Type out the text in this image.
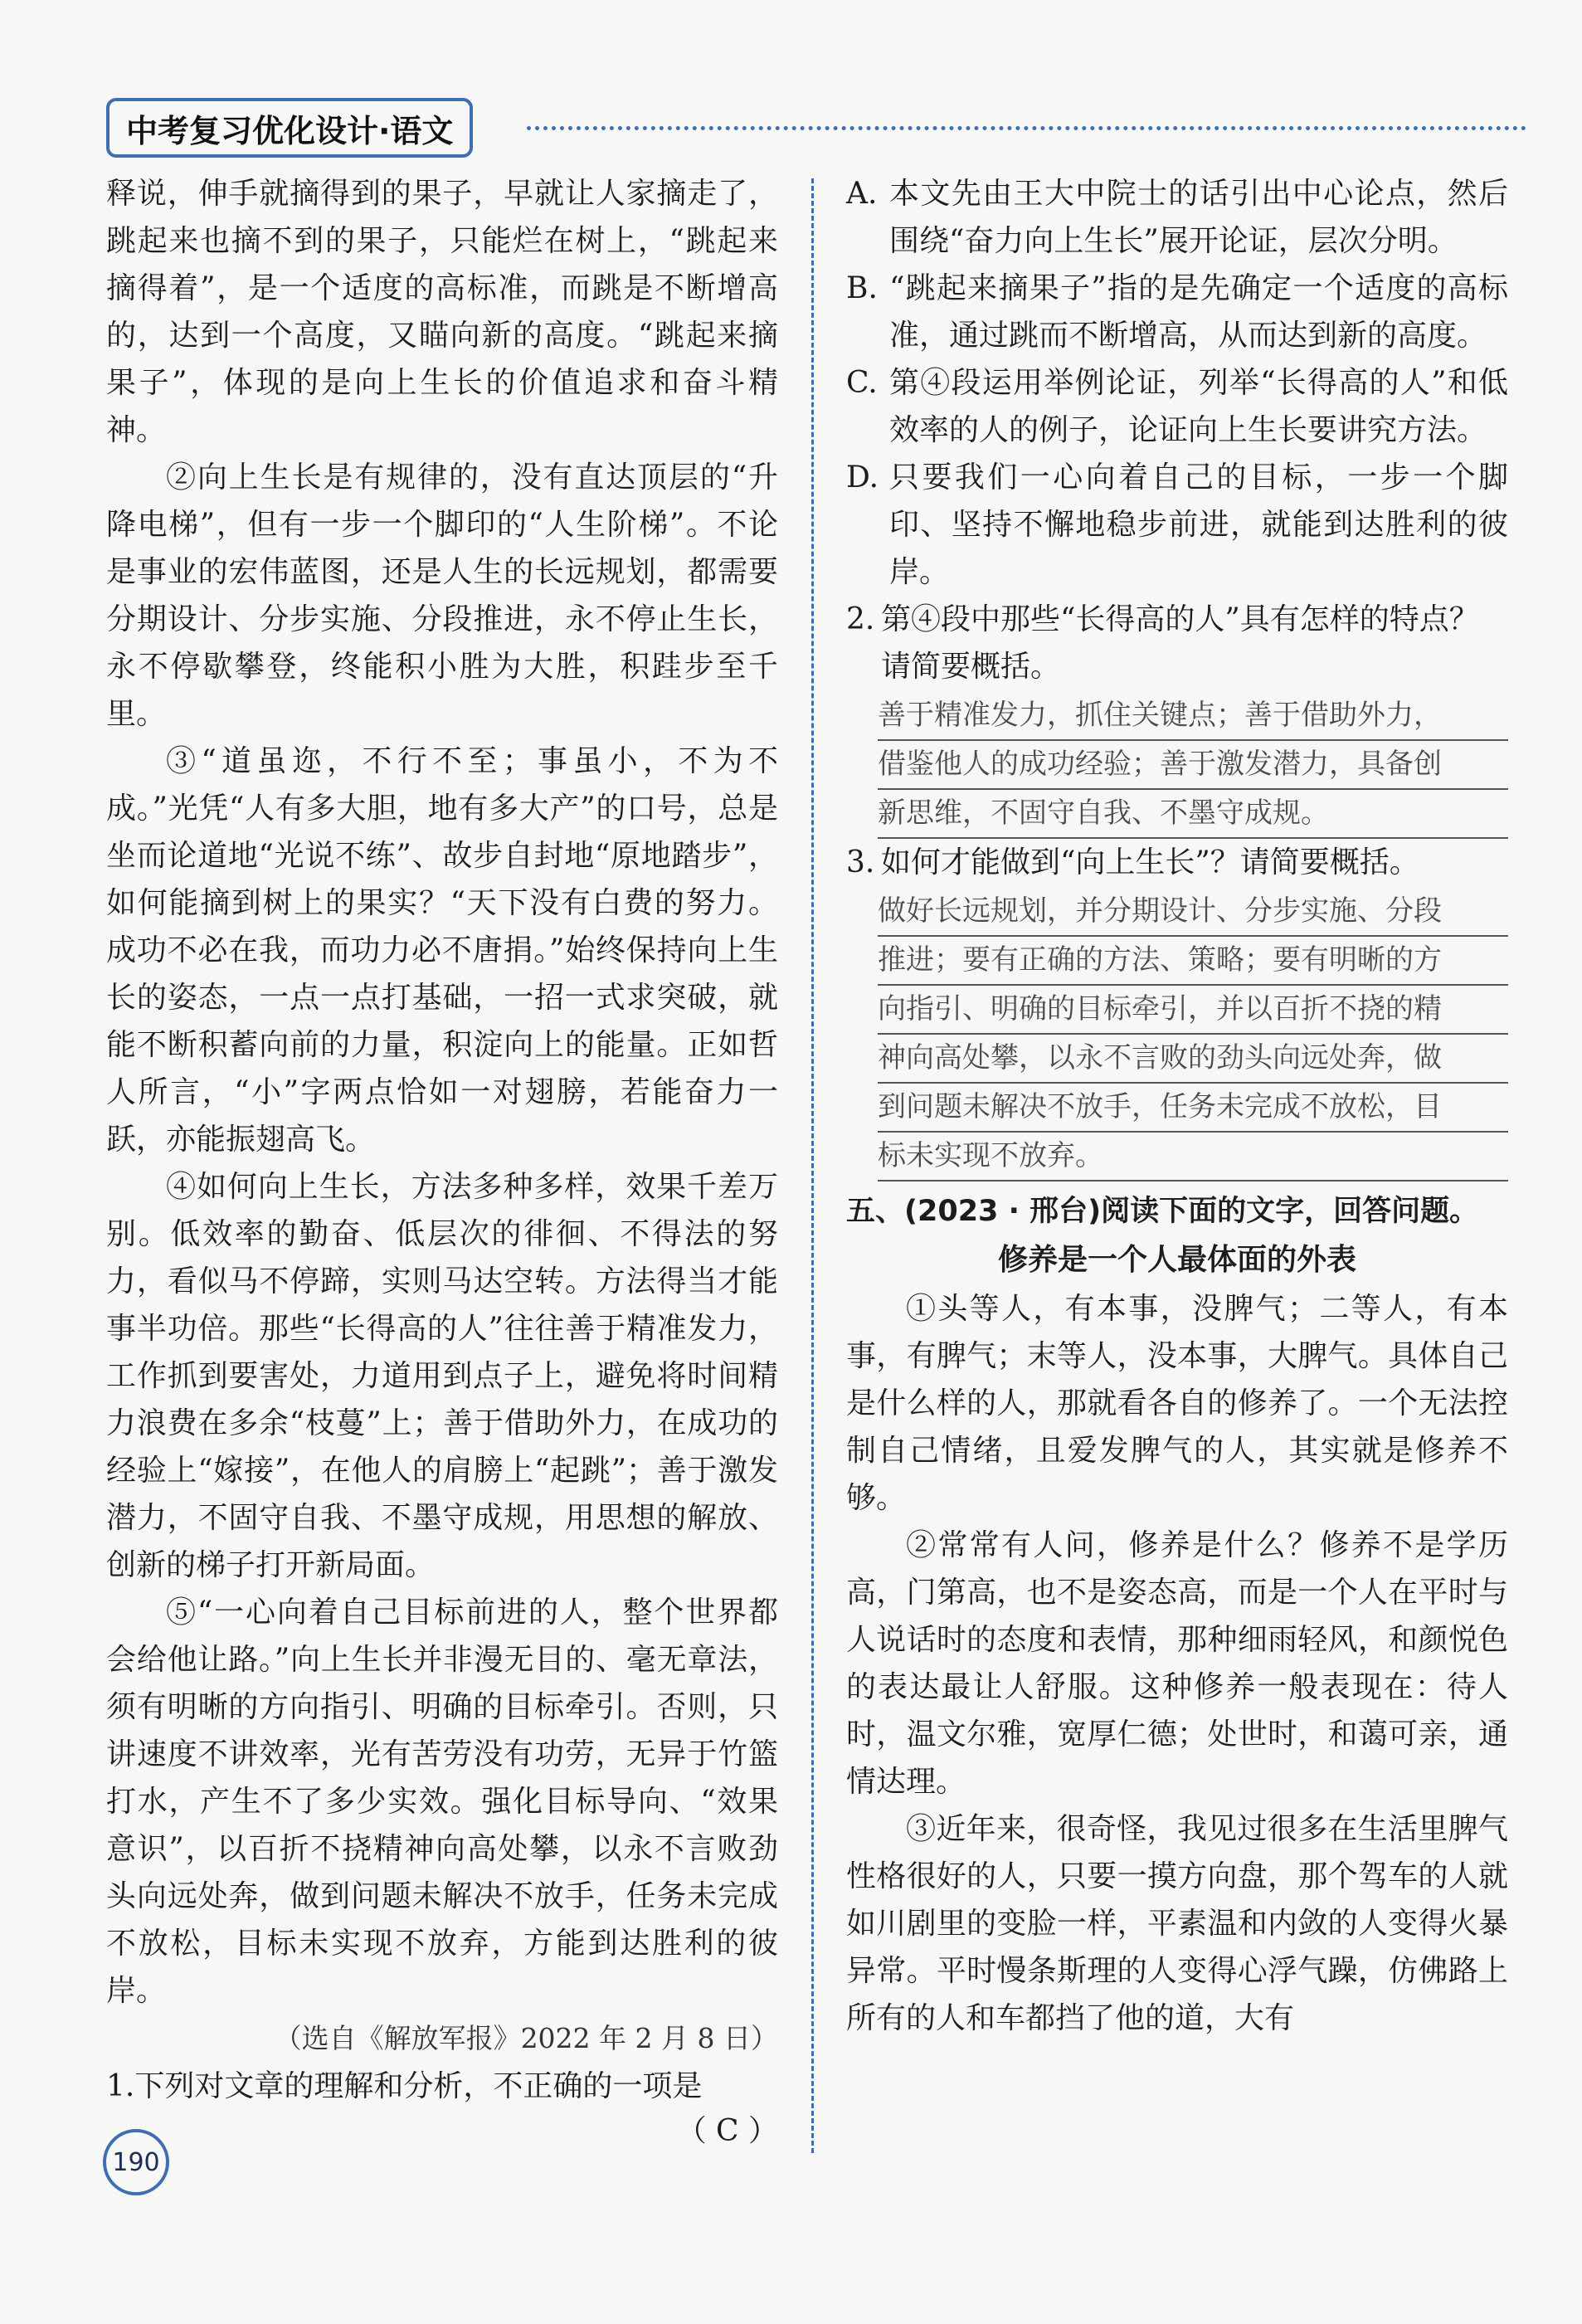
中考复习优化设计·语文

释说，伸手就摘得到的果子，早就让人家摘走了，跳起来也摘不到的果子，只能烂在树上，“跳起来摘得着”，是一个适度的高标准，而跳是不断增高的，达到一个高度，又瞄向新的高度。“跳起来摘果子”，体现的是向上生长的价值追求和奋斗精神。

②向上生长是有规律的，没有直达顶层的“升降电梯”，但有一步一个脚印的“人生阶梯”。不论是事业的宏伟蓝图，还是人生的长远规划，都需要分期设计、分步实施、分段推进，永不停止生长，永不停歇攀登，终能积小胜为大胜，积跬步至千里。

③“道虽迩，不行不至；事虽小，不为不成。”光凭“人有多大胆，地有多大产”的口号，总是坐而论道地“光说不练”、故步自封地“原地踏步”，如何能摘到树上的果实？“天下没有白费的努力。成功不必在我，而功力必不唐捐。”始终保持向上生长的姿态，一点一点打基础，一招一式求突破，就能不断积蓄向前的力量，积淀向上的能量。正如哲人所言，“小”字两点恰如一对翅膀，若能奋力一跃，亦能振翅高飞。

④如何向上生长，方法多种多样，效果千差万别。低效率的勤奋、低层次的徘徊、不得法的努力，看似马不停蹄，实则马达空转。方法得当才能事半功倍。那些“长得高的人”往往善于精准发力，工作抓到要害处，力道用到点子上，避免将时间精力浪费在多余“枝蔓”上；善于借助外力，在成功的经验上“嫁接”，在他人的肩膀上“起跳”；善于激发潜力，不固守自我、不墨守成规，用思想的解放、创新的梯子打开新局面。

⑤“一心向着自己目标前进的人，整个世界都会给他让路。”向上生长并非漫无目的、毫无章法，须有明晰的方向指引、明确的目标牵引。否则，只讲速度不讲效率，光有苦劳没有功劳，无异于竹篮打水，产生不了多少实效。强化目标导向、“效果意识”，以百折不挠精神向高处攀，以永不言败劲头向远处奔，做到问题未解决不放手，任务未完成不放松，目标未实现不放弃，方能到达胜利的彼岸。

（选自《解放军报》2022 年 2 月 8 日）

1.下列对文章的理解和分析，不正确的一项是

（ C ）

A. 本文先由王大中院士的话引出中心论点，然后围绕“奋力向上生长”展开论证，层次分明。
B. “跳起来摘果子”指的是先确定一个适度的高标准，通过跳而不断增高，从而达到新的高度。
C. 第④段运用举例论证，列举“长得高的人”和低效率的人的例子，论证向上生长要讲究方法。
D. 只要我们一心向着自己的目标，一步一个脚印、坚持不懈地稳步前进，就能到达胜利的彼岸。
2. 第④段中那些“长得高的人”具有怎样的特点？请简要概括。
善于精准发力，抓住关键点；善于借助外力，
借鉴他人的成功经验；善于激发潜力，具备创
新思维，不固守自我、不墨守成规。
3. 如何才能做到“向上生长”？请简要概括。
做好长远规划，并分期设计、分步实施、分段
推进；要有正确的方法、策略；要有明晰的方
向指引、明确的目标牵引，并以百折不挠的精
神向高处攀，以永不言败的劲头向远处奔，做
到问题未解决不放手，任务未完成不放松，目
标未实现不放弃。
五、(2023 · 邢台)阅读下面的文字，回答问题。
修养是一个人最体面的外表

①头等人，有本事，没脾气；二等人，有本事，有脾气；末等人，没本事，大脾气。具体自己是什么样的人，那就看各自的修养了。一个无法控制自己情绪，且爱发脾气的人，其实就是修养不够。

②常常有人问，修养是什么？修养不是学历高，门第高，也不是姿态高，而是一个人在平时与人说话时的态度和表情，那种细雨轻风，和颜悦色的表达最让人舒服。这种修养一般表现在：待人时，温文尔雅，宽厚仁德；处世时，和蔼可亲，通情达理。

③近年来，很奇怪，我见过很多在生活里脾气性格很好的人，只要一摸方向盘，那个驾车的人就如川剧里的变脸一样，平素温和内敛的人变得火暴异常。平时慢条斯理的人变得心浮气躁，仿佛路上所有的人和车都挡了他的道，大有

190
